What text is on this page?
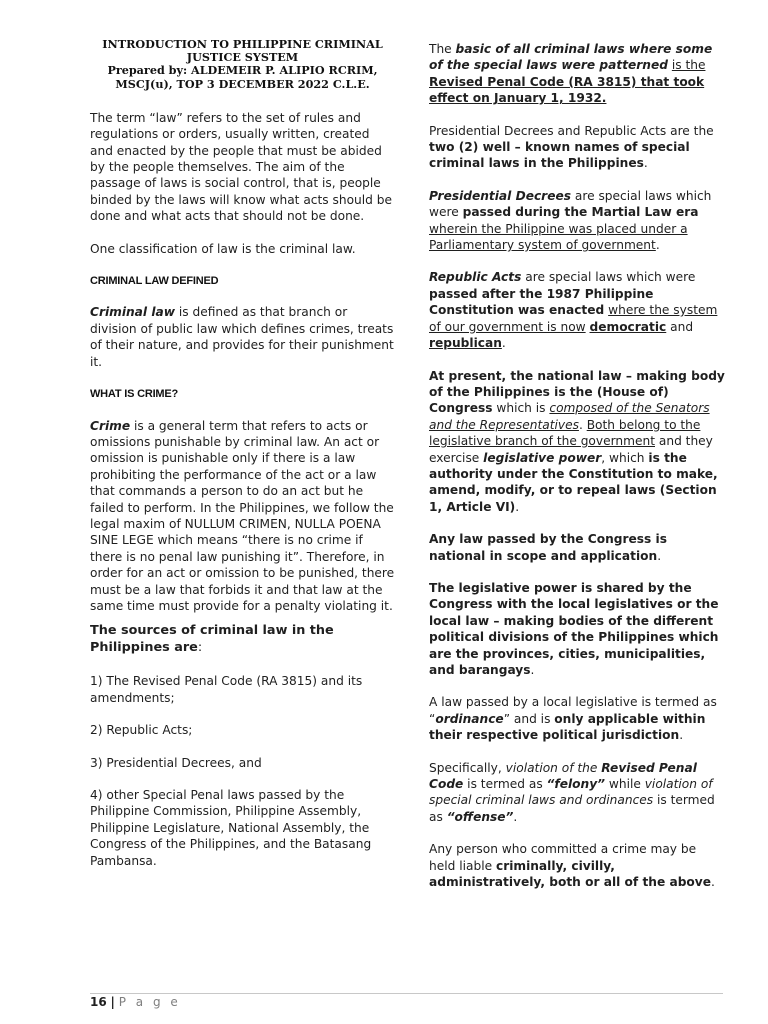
INTRODUCTION TO PHILIPPINE CRIMINAL
JUSTICE SYSTEM
Prepared by: ALDEMEIR P. ALIPIO RCRIM,
MSCJ(u), TOP 3 DECEMBER 2022 C.L.E.

The term “law” refers to the set of rules and regulations or orders, usually written, created and enacted by the people that must be abided by the people themselves. The aim of the passage of laws is social control, that is, people binded by the laws will know what acts should be done and what acts that should not be done.

One classification of law is the criminal law.

CRIMINAL LAW DEFINED

Criminal law is defined as that branch or division of public law which defines crimes, treats of their nature, and provides for their punishment it.

WHAT IS CRIME?

Crime is a general term that refers to acts or omissions punishable by criminal law. An act or omission is punishable only if there is a law prohibiting the performance of the act or a law that commands a person to do an act but he failed to perform. In the Philippines, we follow the legal maxim of NULLUM CRIMEN, NULLA POENA SINE LEGE which means “there is no crime if there is no penal law punishing it”. Therefore, in order for an act or omission to be punished, there must be a law that forbids it and that law at the same time must provide for a penalty violating it.

The sources of criminal law in the Philippines are:

1) The Revised Penal Code (RA 3815) and its amendments;

2) Republic Acts;

3) Presidential Decrees, and

4) other Special Penal laws passed by the Philippine Commission, Philippine Assembly, Philippine Legislature, National Assembly, the Congress of the Philippines, and the Batasang Pambansa.

The basic of all criminal laws where some of the special laws were patterned is the
Revised Penal Code (RA 3815) that took effect on January 1, 1932.

Presidential Decrees and Republic Acts are the two (2) well – known names of special criminal laws in the Philippines.

Presidential Decrees are special laws which were passed during the Martial Law era wherein the Philippine was placed under a Parliamentary system of government.

Republic Acts are special laws which were passed after the 1987 Philippine Constitution was enacted where the system of our government is now democratic and republican.

At present, the national law – making body of the Philippines is the (House of) Congress which is composed of the Senators and the Representatives. Both belong to the legislative branch of the government and they exercise legislative power, which is the authority under the Constitution to make, amend, modify, or to repeal laws (Section 1, Article VI).

Any law passed by the Congress is national in scope and application.

The legislative power is shared by the Congress with the local legislatives or the local law – making bodies of the different political divisions of the Philippines which are the provinces, cities, municipalities, and barangays.

A law passed by a local legislative is termed as “ordinance” and is only applicable within their respective political jurisdiction.

Specifically, violation of the Revised Penal Code is termed as “felony” while violation of special criminal laws and ordinances is termed as “offense”.

Any person who committed a crime may be held liable criminally, civilly, administratively, both or all of the above.

16 | P a g e
